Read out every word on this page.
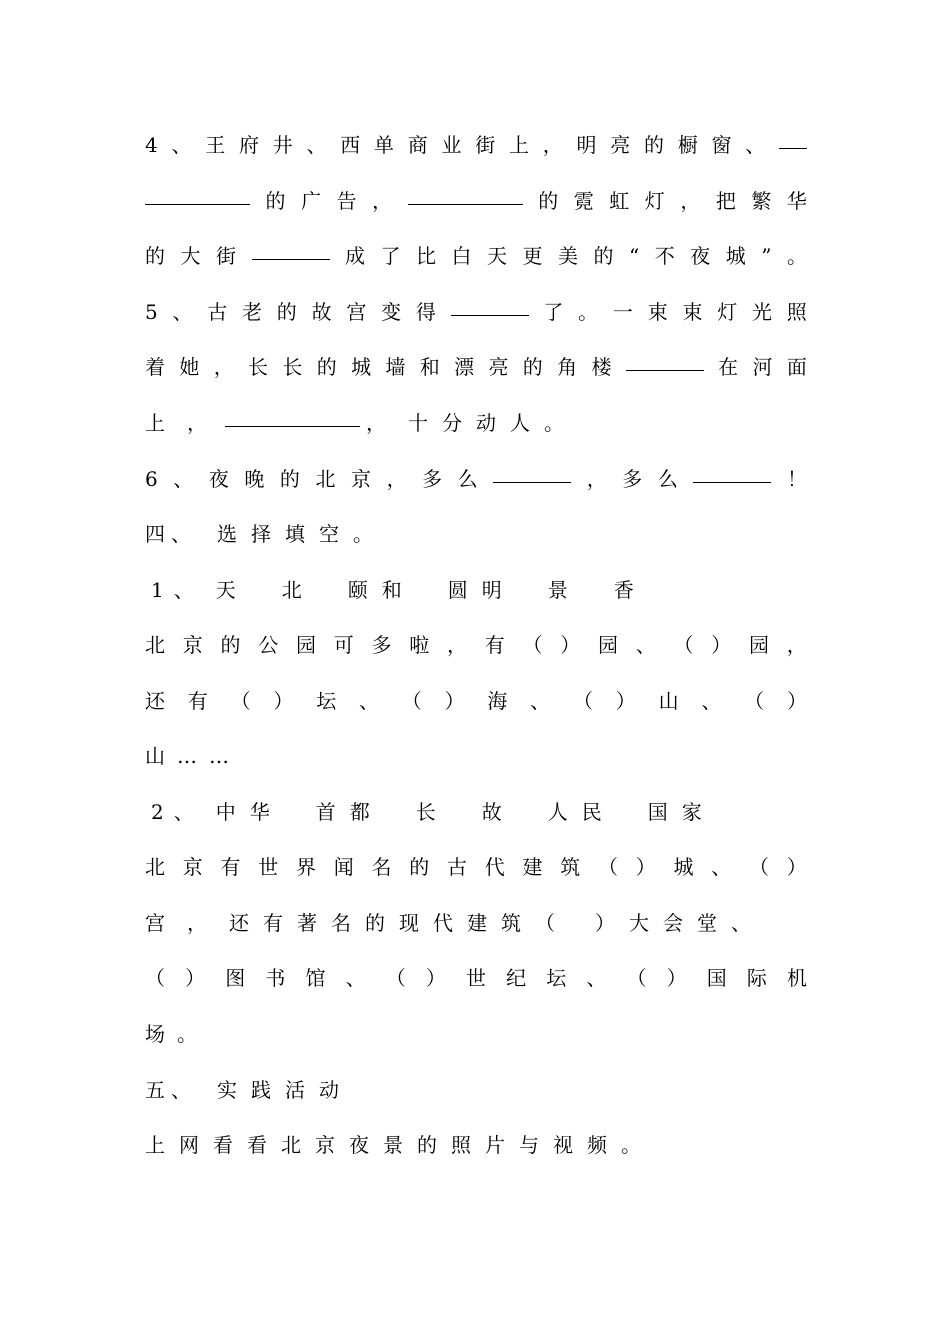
4 、 王 府 井 、 西 单 商 业 街 上 ， 明 亮 的 橱 窗 、
的 广 告 ，	的 霓 虹 灯 ， 把 繁 华
的 大 街	成 了 比 白 天 更 美 的 “ 不 夜 城 ” 。
5 、 古 老 的 故 宫 变 得	了 。 一 束 束 灯 光 照
着 她 ， 长 长 的 城 墙 和 漂 亮 的 角 楼	在 河 面
上 ，	， 十 分 动 人 。
6 、 夜 晚 的 北 京 ， 多 么	， 多 么	！
四 、 选 择 填 空 。
1 、 天 北 颐 和 圆 明 景 香
北 京 的 公 园 可 多 啦 ， 有 （ ） 园 、 （ ） 园 ，
还 有 （ ） 坛 、 （ ） 海 、 （ ） 山 、 （ ）
山 … …
2 、 中 华 首 都 长 故 人 民 国 家
北 京 有 世 界 闻 名 的 古 代 建 筑 （ ） 城 、 （ ）
宫 ， 还 有 著 名 的 现 代 建 筑 （ ） 大 会 堂 、
（ ） 图 书 馆 、 （ ） 世 纪 坛 、 （ ） 国 际 机
场 。
五 、 实 践 活 动
上 网 看 看 北 京 夜 景 的 照 片 与 视 频 。
